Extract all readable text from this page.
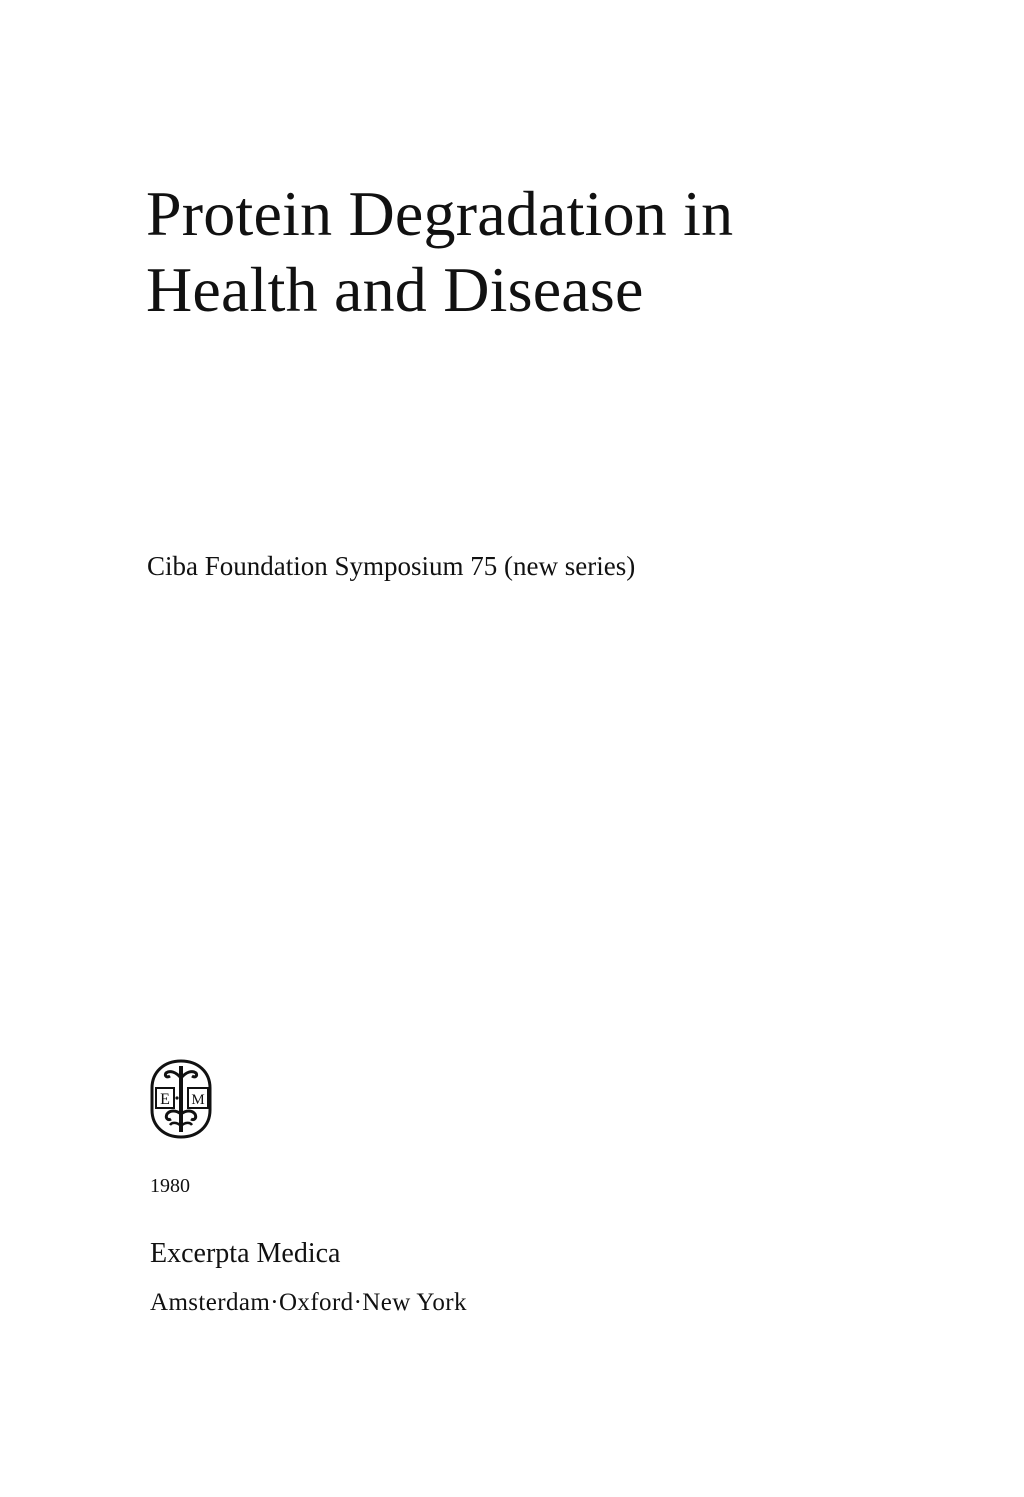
Protein Degradation in
Health and Disease
Ciba Foundation Symposium 75 (new series)
E M
1980
Excerpta Medica
Amsterdam·Oxford·New York
